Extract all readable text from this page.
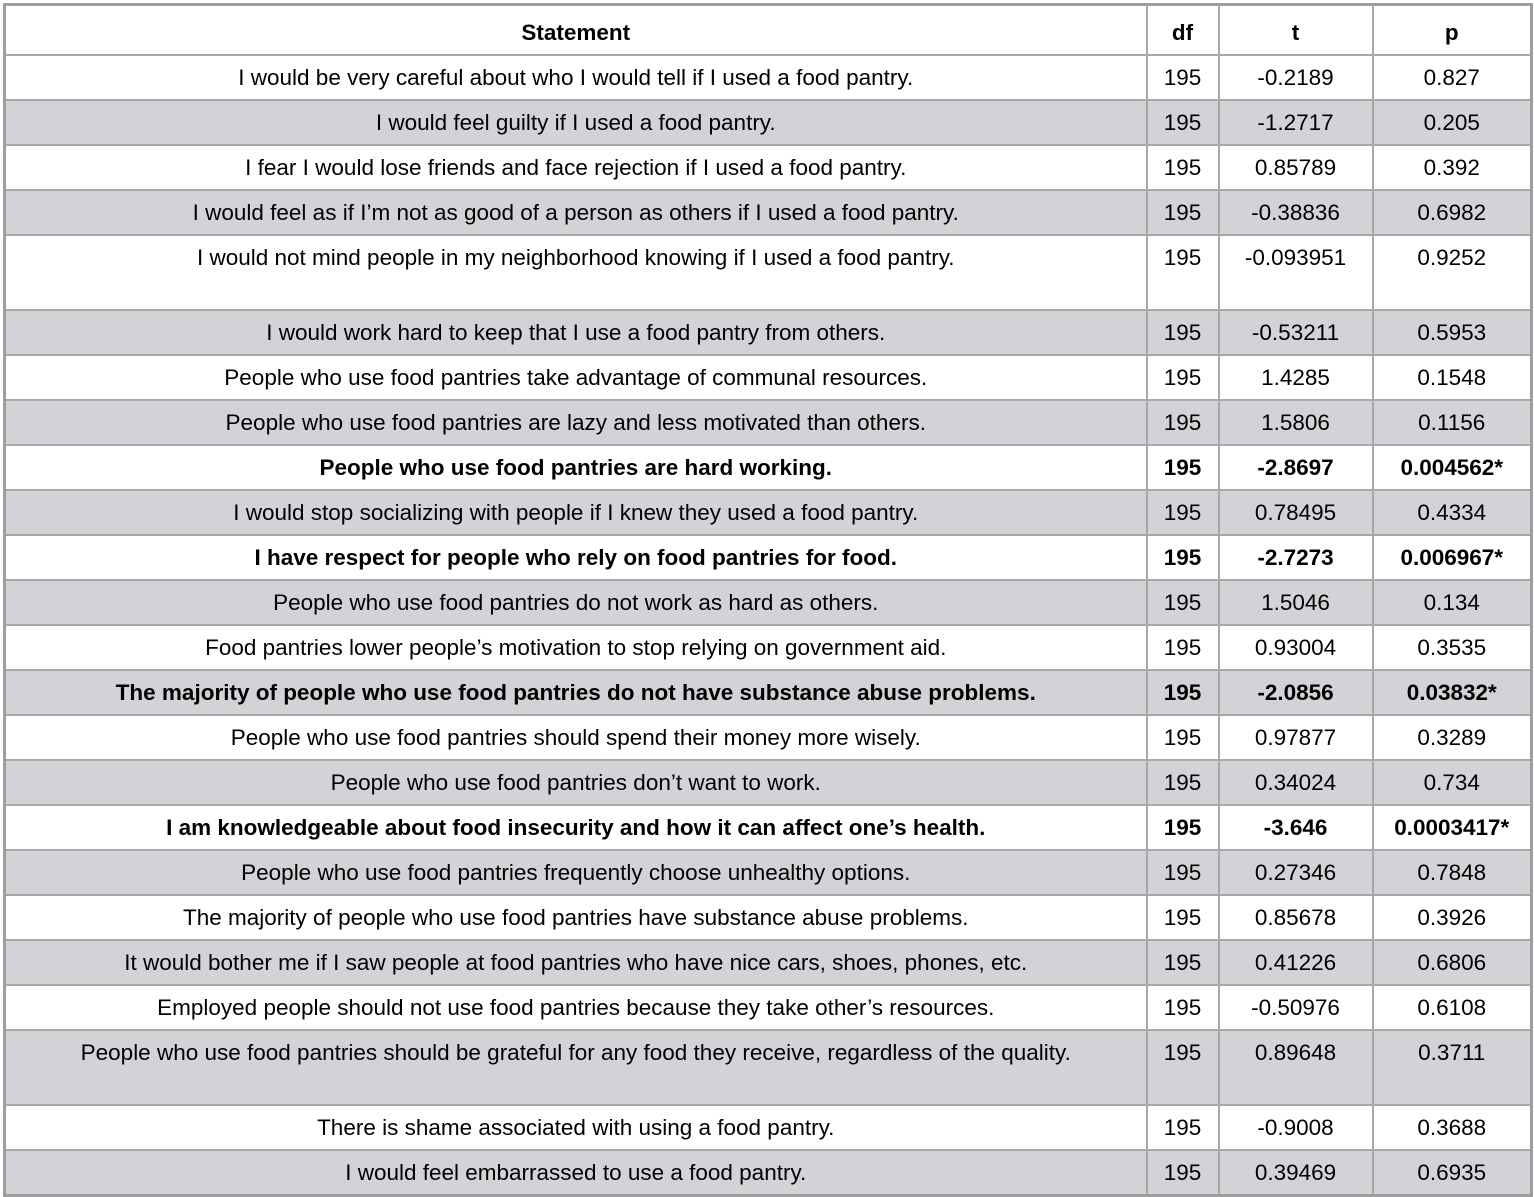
Statement	df	t	p
I would be very careful about who I would tell if I used a food pantry.	195	-0.2189	0.827
I would feel guilty if I used a food pantry.	195	-1.2717	0.205
I fear I would lose friends and face rejection if I used a food pantry.	195	0.85789	0.392
I would feel as if I’m not as good of a person as others if I used a food pantry.	195	-0.38836	0.6982
I would not mind people in my neighborhood knowing if I used a food pantry.	195	-0.093951	0.9252
I would work hard to keep that I use a food pantry from others.	195	-0.53211	0.5953
People who use food pantries take advantage of communal resources.	195	1.4285	0.1548
People who use food pantries are lazy and less motivated than others.	195	1.5806	0.1156
People who use food pantries are hard working.	195	-2.8697	0.004562*
I would stop socializing with people if I knew they used a food pantry.	195	0.78495	0.4334
I have respect for people who rely on food pantries for food.	195	-2.7273	0.006967*
People who use food pantries do not work as hard as others.	195	1.5046	0.134
Food pantries lower people’s motivation to stop relying on government aid.	195	0.93004	0.3535
The majority of people who use food pantries do not have substance abuse problems.	195	-2.0856	0.03832*
People who use food pantries should spend their money more wisely.	195	0.97877	0.3289
People who use food pantries don’t want to work.	195	0.34024	0.734
I am knowledgeable about food insecurity and how it can affect one’s health.	195	-3.646	0.0003417*
People who use food pantries frequently choose unhealthy options.	195	0.27346	0.7848
The majority of people who use food pantries have substance abuse problems.	195	0.85678	0.3926
It would bother me if I saw people at food pantries who have nice cars, shoes, phones, etc.	195	0.41226	0.6806
Employed people should not use food pantries because they take other’s resources.	195	-0.50976	0.6108
People who use food pantries should be grateful for any food they receive, regardless of the quality.	195	0.89648	0.3711
There is shame associated with using a food pantry.	195	-0.9008	0.3688
I would feel embarrassed to use a food pantry.	195	0.39469	0.6935
